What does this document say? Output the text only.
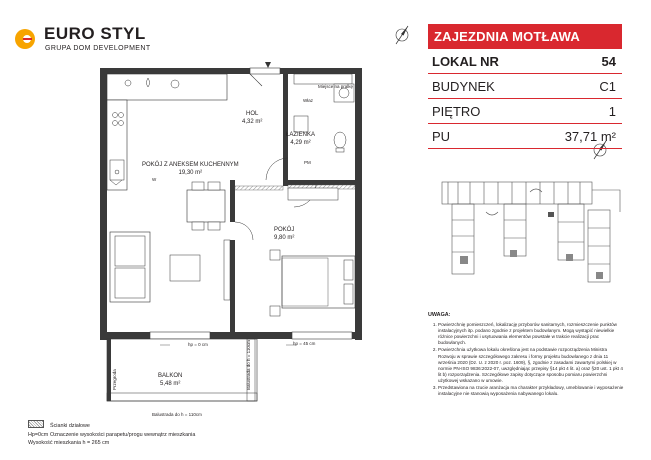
EURO STYL
GRUPA DOM DEVELOPMENT
ZAJEZDNIA MOTŁAWA
LOKAL NR	54
BUDYNEK	C1
PIĘTRO	1
PU	37,71 m²
UWAGA:
1. Powierzchnię pomieszczeń, lokalizację przyborów sanitarnych, rozmieszczenie punktów instalacyjnych itp. podano zgodnie z projektem budowlanym. Mogą wystąpić niewielkie różnice powierzchni i usytuowania elementów powstałe w trakcie realizacji prac budowlanych.
2. Powierzchnia użytkowa lokalu określona jest na podstawie rozporządzenia Ministra Rozwoju w sprawie szczegółowego zakresu i formy projektu budowlanego z dnia 11 września 2020 (Dz. U. z 2020 r. poz. 1609), §, zgodnie z zasadami zawartymi polskiej w normie PN-ISO 9836:2022-07, uwzględniając przepisy §14 pkt 4 lit. a) oraz §20 ust. 1 pkt 4 lit b) rozporządzenia. Szczegółowe zapisy dotyczące sposobu pomiaru powierzchni użytkowej wskazano w umowie.
3. Przedstawiona na rzucie aranżacja ma charakter przykładowy, umeblowanie i wyposażenie instalacyjne nie stanowią wyposażenia nabywanego lokalu.
HOL
4,32 m²
ŁAZIENKA
4,29 m²
POKÓJ Z ANEKSEM KUCHENNYM
19,30 m²
POKÓJ
9,80 m²
BALKON
5,48 m²
W
Miejsce na pralkę
Właz
PM
hp = 0 cm	hp = 45 cm
Balustrada do h = 110cm
Balustrada do h = 110cm
Przegroda
Ścianki działowe
Hp=0cm Oznaczenie wysokości parapetu/progu wewnątrz mieszkania
Wysokość mieszkania h = 265 cm
